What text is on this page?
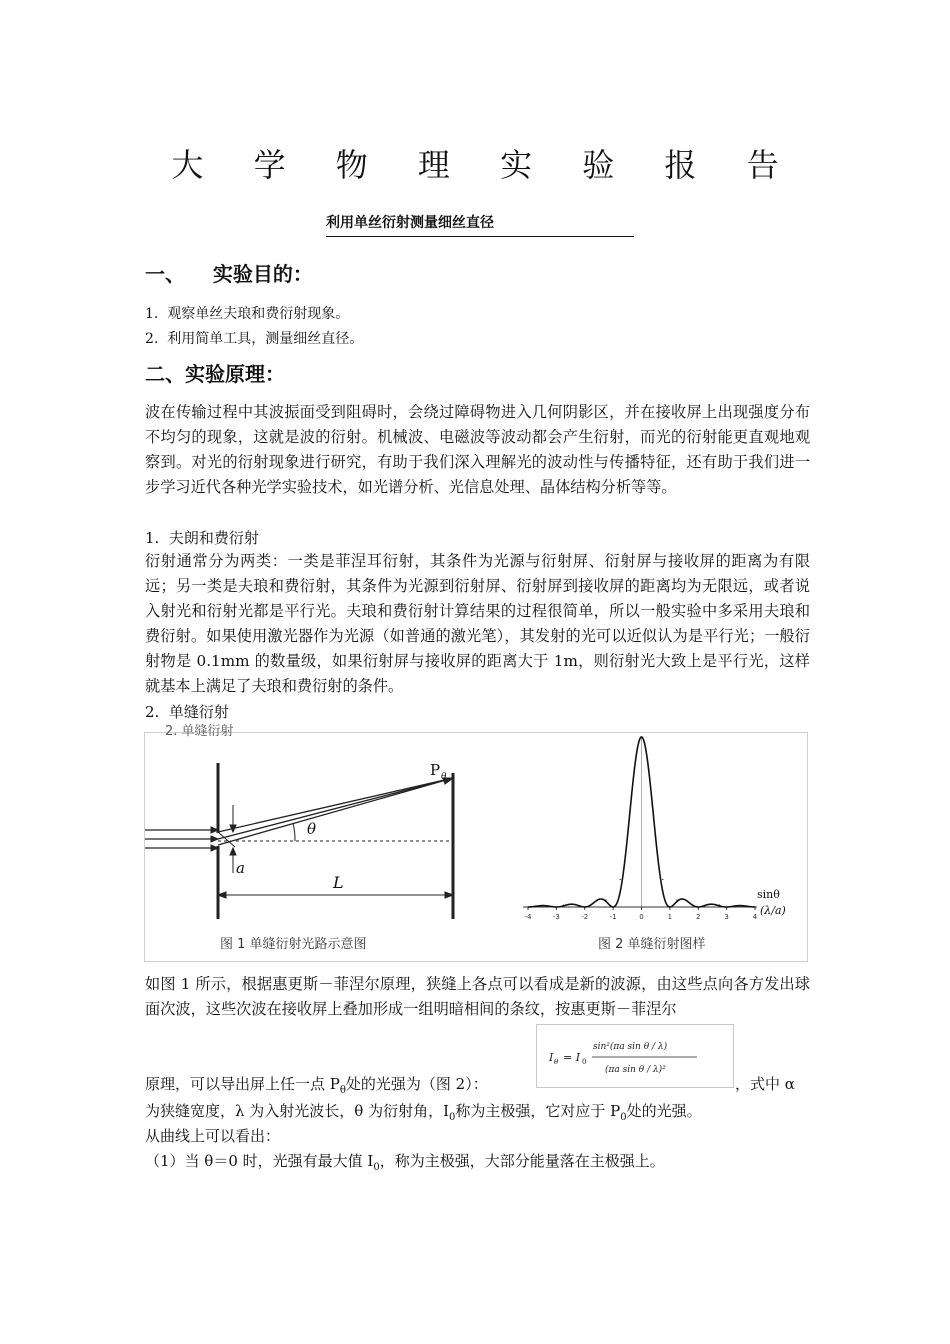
大 学 物 理 实 验 报 告
利用单丝衍射测量细丝直径
一、    实验目的：
1.  观察单丝夫琅和费衍射现象。
2.  利用简单工具，测量细丝直径。
二、实验原理：
波在传输过程中其波振面受到阻碍时，会绕过障碍物进入几何阴影区，并在接收屏上出现强度分布不均匀的现象，这就是波的衍射。机械波、电磁波等波动都会产生衍射，而光的衍射能更直观地观察到。对光的衍射现象进行研究，有助于我们深入理解光的波动性与传播特征，还有助于我们进一步学习近代各种光学实验技术，如光谱分析、光信息处理、晶体结构分析等等。
1.  夫朗和费衍射
衍射通常分为两类：一类是菲涅耳衍射，其条件为光源与衍射屏、衍射屏与接收屏的距离为有限远；另一类是夫琅和费衍射，其条件为光源到衍射屏、衍射屏到接收屏的距离均为无限远，或者说入射光和衍射光都是平行光。夫琅和费衍射计算结果的过程很简单，所以一般实验中多采用夫琅和费衍射。如果使用激光器作为光源（如普通的激光笔），其发射的光可以近似认为是平行光；一般衍射物是 0.1mm 的数量级，如果衍射屏与接收屏的距离大于 1m，则衍射光大致上是平行光，这样就基本上满足了夫琅和费衍射的条件。
2.  单缝衍射
2. 单缝衍射
P θ
θ
a
L
图 1 单缝衍射光路示意图
-4	-3	-2	-1	0	1	2	3	4
sinθ
(λ/a)
图 2 单缝衍射图样
如图 1 所示，根据惠更斯－菲涅尔原理，狭缝上各点可以看成是新的波源，由这些点向各方发出球面次波，这些次波在接收屏上叠加形成一组明暗相间的条纹，按惠更斯－菲涅尔
I θ = I 0
sin²(πa sin θ / λ)
(πa sin θ / λ)²
原理，可以导出屏上任一点 $P_\theta$处的光强为（图 2）：	，式中 α
为狭缝宽度，λ 为入射光波长，θ 为衍射角，$I_0$称为主极强，它对应于 $P_0$处的光强。
从曲线上可以看出：
（1）当 θ＝0 时，光强有最大值 $I_0$，称为主极强，大部分能量落在主极强上。
